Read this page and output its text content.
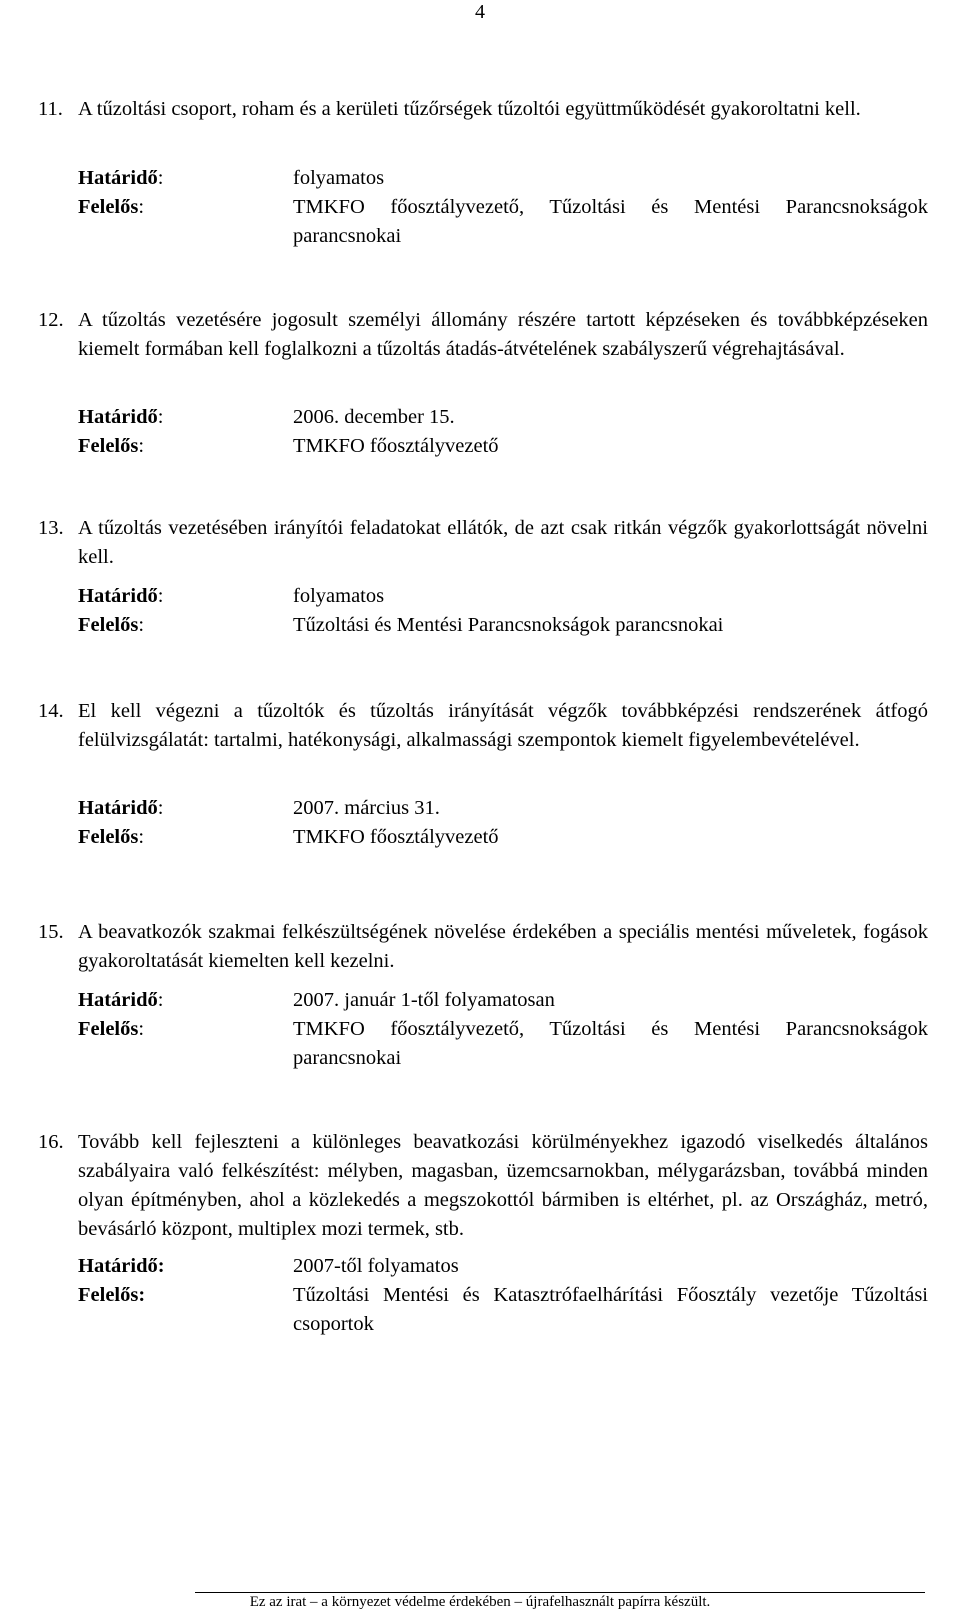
4
11. A tűzoltási csoport, roham és a kerületi tűzőrségek tűzoltói együttműködését gyakoroltatni kell.

Határidő:	folyamatos
Felelős:	TMKFO főosztályvezető, Tűzoltási és Mentési Parancsnokságok parancsnokai
12. A tűzoltás vezetésére jogosult személyi állomány részére tartott képzéseken és továbbképzéseken kiemelt formában kell foglalkozni a tűzoltás átadás-átvételének szabályszerű végrehajtásával.

Határidő:	2006. december 15.
Felelős:	TMKFO főosztályvezető
13. A tűzoltás vezetésében irányítói feladatokat ellátók, de azt csak ritkán végzők gyakorlottságát növelni kell.

Határidő:	folyamatos
Felelős:	Tűzoltási és Mentési Parancsnokságok parancsnokai
14. El kell végezni a tűzoltók és tűzoltás irányítását végzők továbbképzési rendszerének átfogó felülvizsgálatát: tartalmi, hatékonysági, alkalmassági szempontok kiemelt figyelembevételével.

Határidő:	2007. március 31.
Felelős:	TMKFO főosztályvezető
15. A beavatkozók szakmai felkészültségének növelése érdekében a speciális mentési műveletek, fogások gyakoroltatását kiemelten kell kezelni.

Határidő:	2007. január 1-től folyamatosan
Felelős:	TMKFO főosztályvezető, Tűzoltási és Mentési Parancsnokságok parancsnokai
16. Tovább kell fejleszteni a különleges beavatkozási körülményekhez igazodó viselkedés általános szabályaira való felkészítést: mélyben, magasban, üzemcsarnokban, mélygarázsban, továbbá minden olyan építményben, ahol a közlekedés a megszokottól bármiben is eltérhet, pl. az Országház, metró, bevásárló központ, multiplex mozi termek, stb.

Határidő:	2007-től folyamatos
Felelős:	Tűzoltási Mentési és Katasztrófaelhárítási Főosztály vezetője Tűzoltási csoportok
Ez az irat – a környezet védelme érdekében – újrafelhasznált papírra készült.
